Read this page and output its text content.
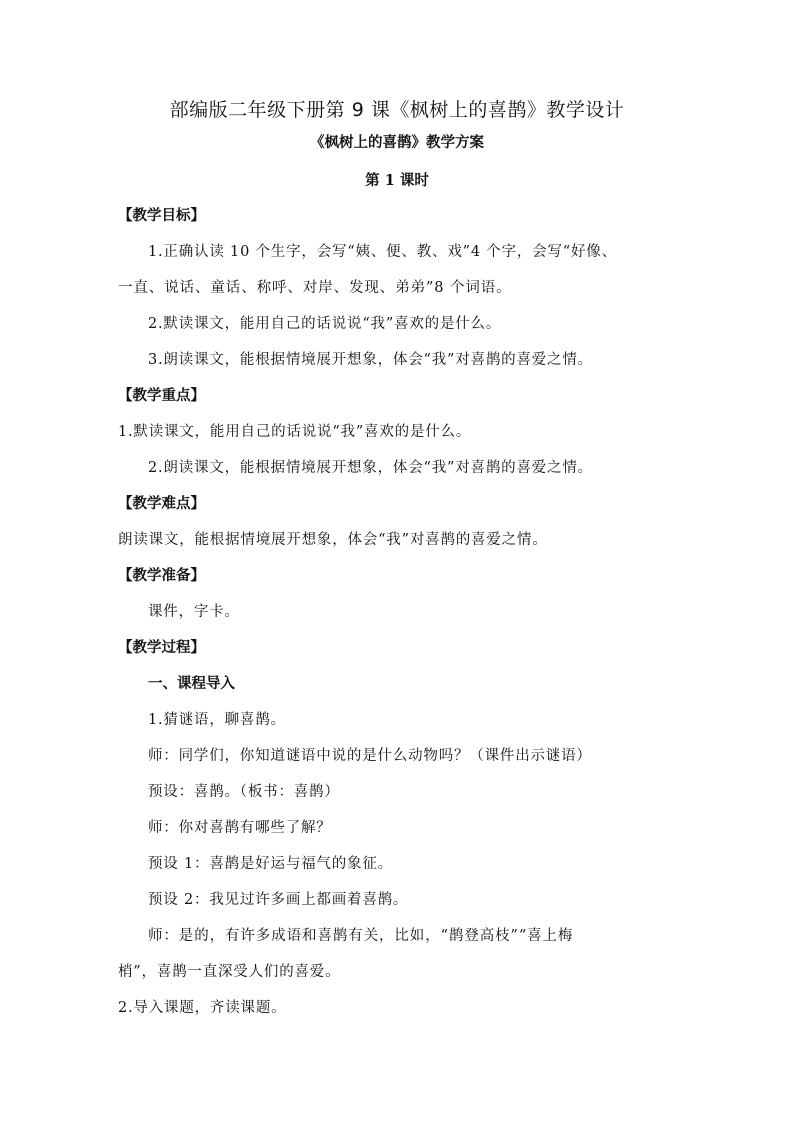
部编版二年级下册第 9 课《枫树上的喜鹊》教学设计
《枫树上的喜鹊》教学方案
第 1 课时
【教学目标】
1.正确认读 10 个生字，会写“姨、便、教、戏”4 个字，会写“好像、
一直、说话、童话、称呼、对岸、发现、弟弟”8 个词语。
2.默读课文，能用自己的话说说“我”喜欢的是什么。
3.朗读课文，能根据情境展开想象，体会“我”对喜鹊的喜爱之情。
【教学重点】
1.默读课文，能用自己的话说说“我”喜欢的是什么。
2.朗读课文，能根据情境展开想象，体会“我”对喜鹊的喜爱之情。
【教学难点】
朗读课文，能根据情境展开想象，体会“我”对喜鹊的喜爱之情。
【教学准备】
课件，字卡。
【教学过程】
一、课程导入
1.猜谜语，聊喜鹊。
师：同学们，你知道谜语中说的是什么动物吗？（课件出示谜语）
预设：喜鹊。（板书：喜鹊）
师：你对喜鹊有哪些了解？
预设 1：喜鹊是好运与福气的象征。
预设 2：我见过许多画上都画着喜鹊。
师：是的，有许多成语和喜鹊有关，比如，“鹊登高枝”“喜上梅
梢”，喜鹊一直深受人们的喜爱。
2.导入课题，齐读课题。
